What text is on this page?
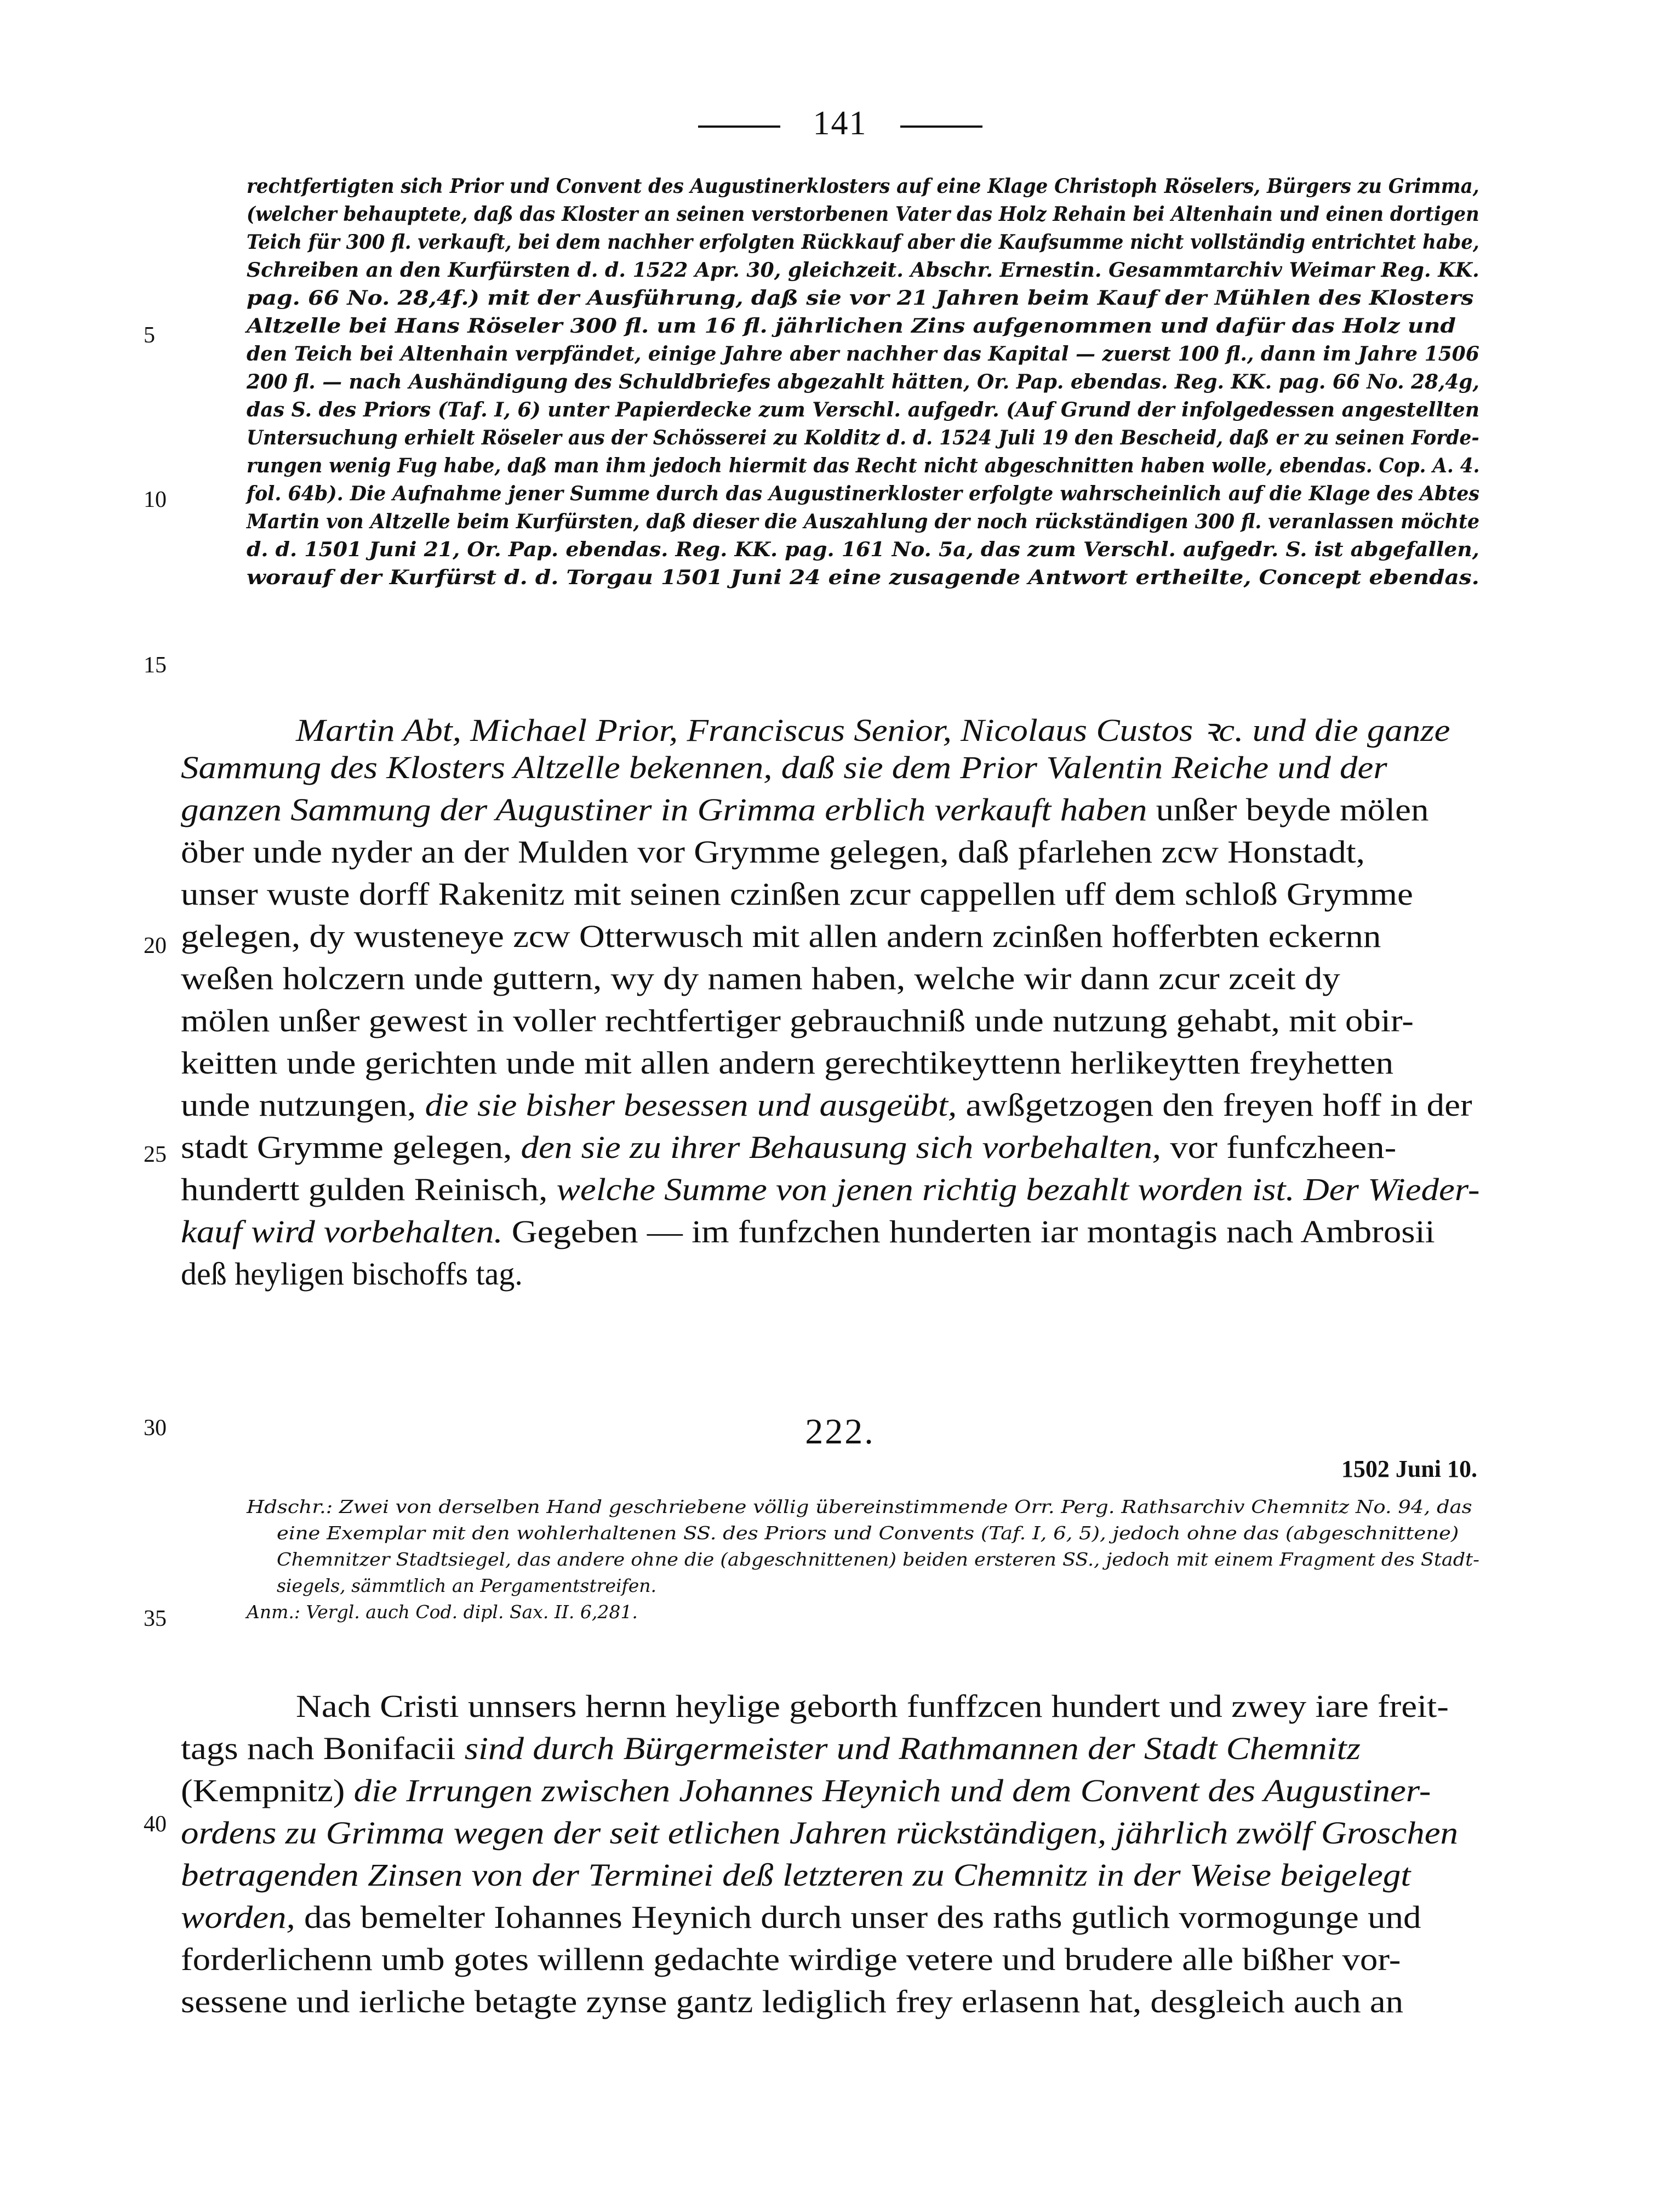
141
rechtfertigten sich Prior und Convent des Augustinerklosters auf eine Klage Christoph Röselers, Bürgers zu Grimma,
(welcher behauptete, daß das Kloster an seinen verstorbenen Vater das Holz Rehain bei Altenhain und einen dortigen
Teich für 300 fl. verkauft, bei dem nachher erfolgten Rückkauf aber die Kaufsumme nicht vollständig entrichtet habe,
Schreiben an den Kurfürsten d. d. 1522 Apr. 30, gleichzeit. Abschr. Ernestin. Gesammtarchiv Weimar Reg. KK.
pag. 66 No. 28,4f.) mit der Ausführung, daß sie vor 21 Jahren beim Kauf der Mühlen des Klosters
Altzelle bei Hans Röseler 300 fl. um 16 fl. jährlichen Zins aufgenommen und dafür das Holz und
den Teich bei Altenhain verpfändet, einige Jahre aber nachher das Kapital — zuerst 100 fl., dann im Jahre 1506
200 fl. — nach Aushändigung des Schuldbriefes abgezahlt hätten, Or. Pap. ebendas. Reg. KK. pag. 66 No. 28,4g,
das S. des Priors (Taf. I, 6) unter Papierdecke zum Verschl. aufgedr. (Auf Grund der infolgedessen angestellten
Untersuchung erhielt Röseler aus der Schösserei zu Kolditz d. d. 1524 Juli 19 den Bescheid, daß er zu seinen Forde-
rungen wenig Fug habe, daß man ihm jedoch hiermit das Recht nicht abgeschnitten haben wolle, ebendas. Cop. A. 4.
fol. 64b). Die Aufnahme jener Summe durch das Augustinerkloster erfolgte wahrscheinlich auf die Klage des Abtes
Martin von Altzelle beim Kurfürsten, daß dieser die Auszahlung der noch rückständigen 300 fl. veranlassen möchte
d. d. 1501 Juni 21, Or. Pap. ebendas. Reg. KK. pag. 161 No. 5a, das zum Verschl. aufgedr. S. ist abgefallen,
worauf der Kurfürst d. d. Torgau 1501 Juni 24 eine zusagende Antwort ertheilte, Concept ebendas.
Martin Abt, Michael Prior, Franciscus Senior, Nicolaus Custos ꝛc. und die ganze
Sammung des Klosters Altzelle bekennen, daß sie dem Prior Valentin Reiche und der
ganzen Sammung der Augustiner in Grimma erblich verkauft haben unßer beyde mölen
öber unde nyder an der Mulden vor Grymme gelegen, daß pfarlehen zcw Honstadt,
unser wuste dorff Rakenitz mit seinen czinßen zcur cappellen uff dem schloß Grymme
gelegen, dy wusteneye zcw Otterwusch mit allen andern zcinßen hofferbten eckernn
weßen holczern unde guttern, wy dy namen haben, welche wir dann zcur zceit dy
mölen unßer gewest in voller rechtfertiger gebrauchniß unde nutzung gehabt, mit obir-
keitten unde gerichten unde mit allen andern gerechtikeyttenn herlikeytten freyhetten
unde nutzungen, die sie bisher besessen und ausgeübt, awßgetzogen den freyen hoff in der
stadt Grymme gelegen, den sie zu ihrer Behausung sich vorbehalten, vor funfczheen-
hundertt gulden Reinisch, welche Summe von jenen richtig bezahlt worden ist. Der Wieder-
kauf wird vorbehalten. Gegeben — im funfzchen hunderten iar montagis nach Ambrosii
deß heyligen bischoffs tag.
222.
1502 Juni 10.
Hdschr.: Zwei von derselben Hand geschriebene völlig übereinstimmende Orr. Perg. Rathsarchiv Chemnitz No. 94, das
eine Exemplar mit den wohlerhaltenen SS. des Priors und Convents (Taf. I, 6, 5), jedoch ohne das (abgeschnittene)
Chemnitzer Stadtsiegel, das andere ohne die (abgeschnittenen) beiden ersteren SS., jedoch mit einem Fragment des Stadt-
siegels, sämmtlich an Pergamentstreifen.
Anm.: Vergl. auch Cod. dipl. Sax. II. 6,281.
Nach Cristi unnsers hernn heylige geborth funffzcen hundert und zwey iare freit-
tags nach Bonifacii sind durch Bürgermeister und Rathmannen der Stadt Chemnitz
(Kempnitz) die Irrungen zwischen Johannes Heynich und dem Convent des Augustiner-
ordens zu Grimma wegen der seit etlichen Jahren rückständigen, jährlich zwölf Groschen
betragenden Zinsen von der Terminei deß letzteren zu Chemnitz in der Weise beigelegt
worden, das bemelter Iohannes Heynich durch unser des raths gutlich vormogunge und
forderlichenn umb gotes willenn gedachte wirdige vetere und brudere alle bißher vor-
sessene und ierliche betagte zynse gantz lediglich frey erlasenn hat, desgleich auch an
5
10
15
20
25
30
35
40
